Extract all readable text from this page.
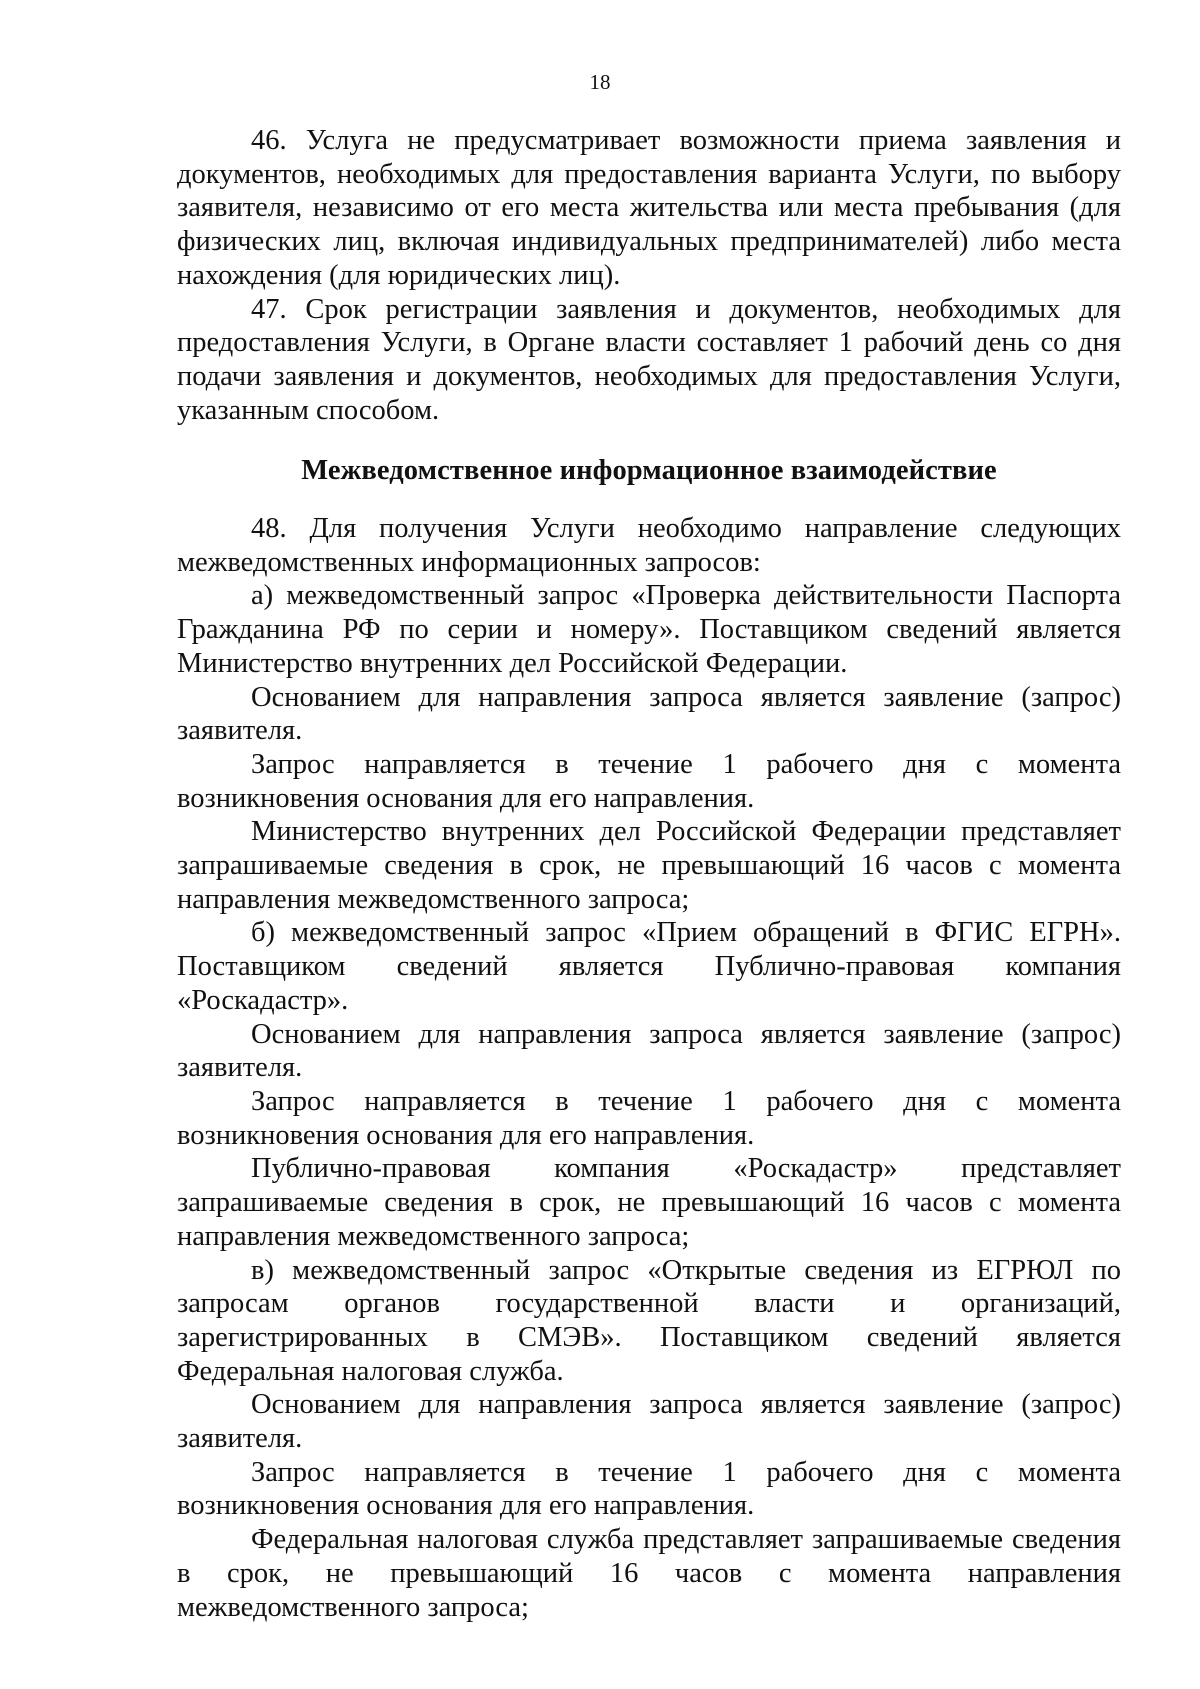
18

46. Услуга не предусматривает возможности приема заявления и документов, необходимых для предоставления варианта Услуги, по выбору заявителя, независимо от его места жительства или места пребывания (для физических лиц, включая индивидуальных предпринимателей) либо места нахождения (для юридических лиц).

47. Срок регистрации заявления и документов, необходимых для предоставления Услуги, в Органе власти составляет 1 рабочий день со дня подачи заявления и документов, необходимых для предоставления Услуги, указанным способом.

Межведомственное информационное взаимодействие

48. Для получения Услуги необходимо направление следующих межведомственных информационных запросов:

а) межведомственный запрос «Проверка действительности Паспорта Гражданина РФ по серии и номеру». Поставщиком сведений является Министерство внутренних дел Российской Федерации.

Основанием для направления запроса является заявление (запрос) заявителя.

Запрос направляется в течение 1 рабочего дня с момента возникновения основания для его направления.

Министерство внутренних дел Российской Федерации представляет запрашиваемые сведения в срок, не превышающий 16 часов с момента направления межведомственного запроса;

б) межведомственный запрос «Прием обращений в ФГИС ЕГРН». Поставщиком сведений является Публично-правовая компания «Роскадастр».

Основанием для направления запроса является заявление (запрос) заявителя.

Запрос направляется в течение 1 рабочего дня с момента возникновения основания для его направления.

Публично-правовая компания «Роскадастр» представляет запрашиваемые сведения в срок, не превышающий 16 часов с момента направления межведомственного запроса;

в) межведомственный запрос «Открытые сведения из ЕГРЮЛ по запросам органов государственной власти и организаций, зарегистрированных в СМЭВ». Поставщиком сведений является Федеральная налоговая служба.

Основанием для направления запроса является заявление (запрос) заявителя.

Запрос направляется в течение 1 рабочего дня с момента возникновения основания для его направления.

Федеральная налоговая служба представляет запрашиваемые сведения в срок, не превышающий 16 часов с момента направления межведомственного запроса;
